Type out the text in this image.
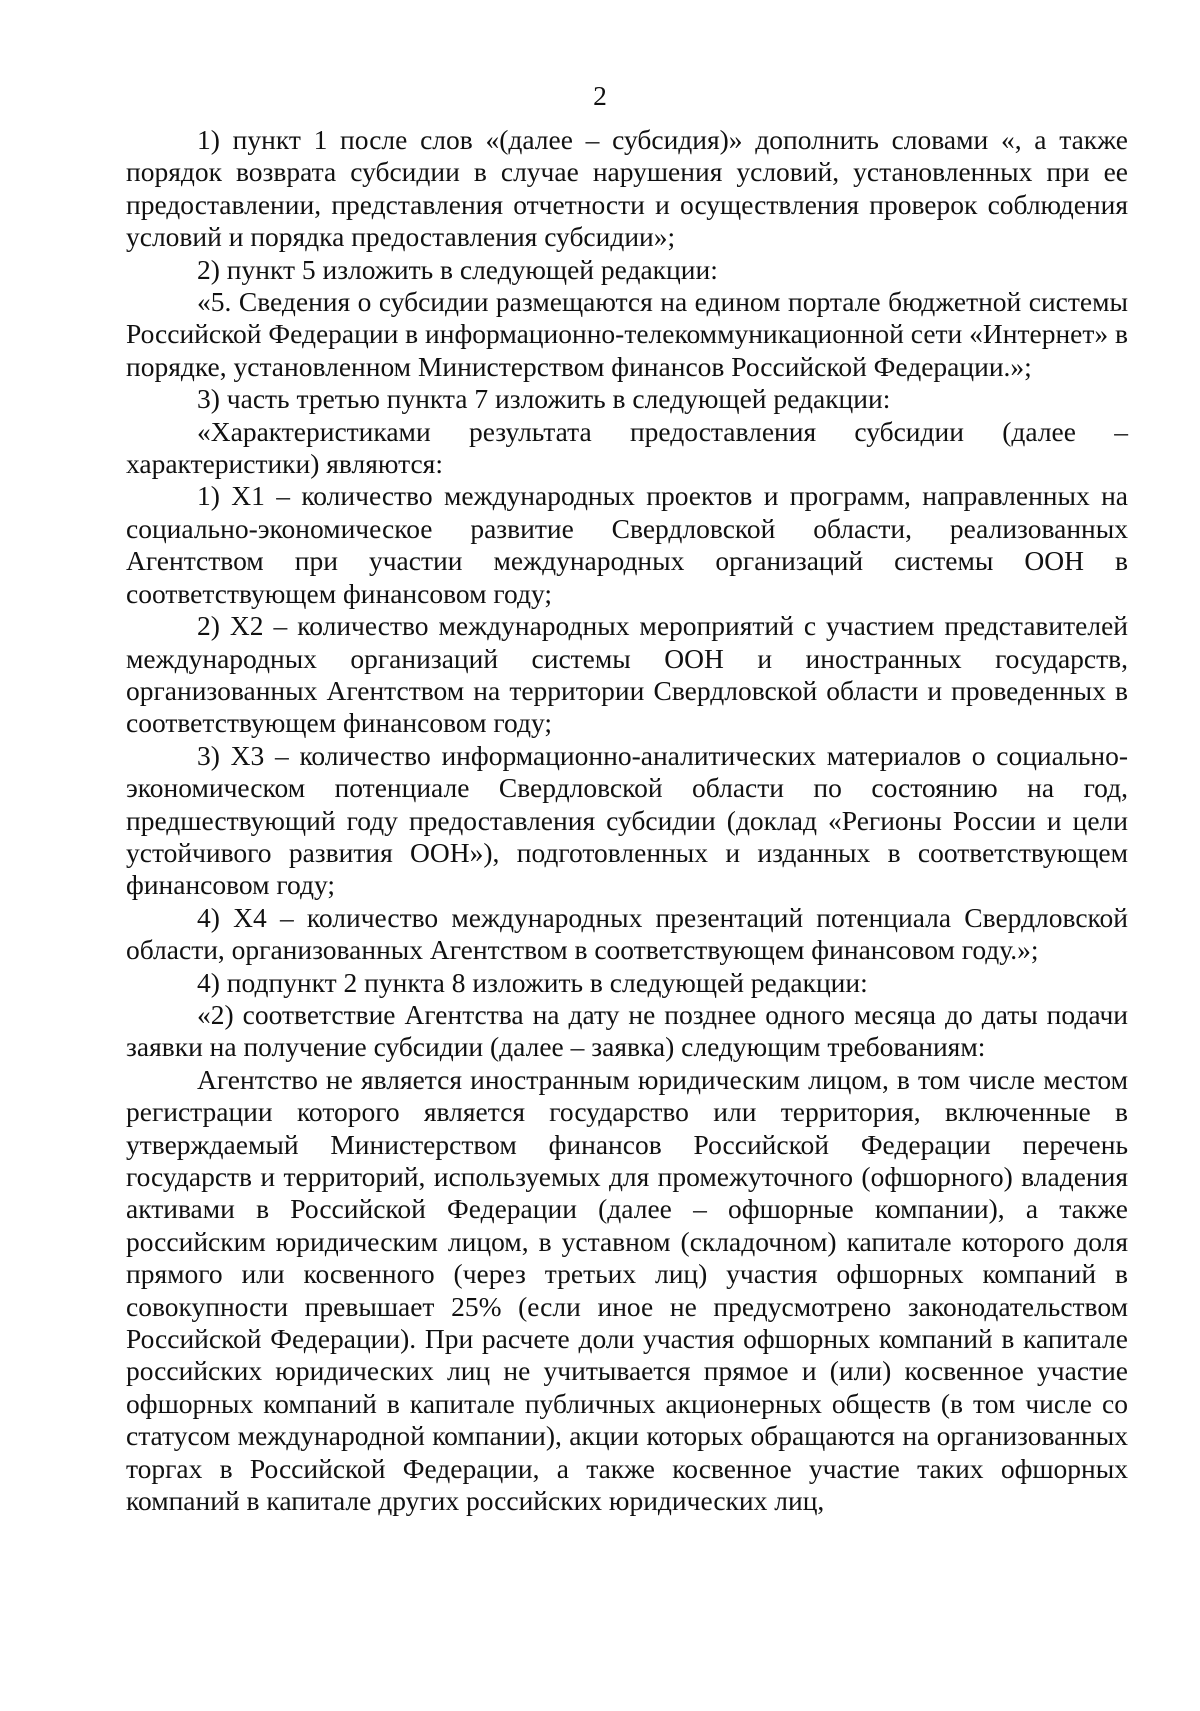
2

1) пункт 1 после слов «(далее – субсидия)» дополнить словами «, а также порядок возврата субсидии в случае нарушения условий, установленных при ее предоставлении, представления отчетности и осуществления проверок соблюдения условий и порядка предоставления субсидии»;

2) пункт 5 изложить в следующей редакции:

«5. Сведения о субсидии размещаются на едином портале бюджетной системы Российской Федерации в информационно-телекоммуникационной сети «Интернет» в порядке, установленном Министерством финансов Российской Федерации.»;

3) часть третью пункта 7 изложить в следующей редакции:

«Характеристиками результата предоставления субсидии (далее – характеристики) являются:

1) X1 – количество международных проектов и программ, направленных на социально-экономическое развитие Свердловской области, реализованных Агентством при участии международных организаций системы ООН в соответствующем финансовом году;

2) X2 – количество международных мероприятий с участием представителей международных организаций системы ООН и иностранных государств, организованных Агентством на территории Свердловской области и проведенных в соответствующем финансовом году;

3) X3 – количество информационно-аналитических материалов о социально-экономическом потенциале Свердловской области по состоянию на год, предшествующий году предоставления субсидии (доклад «Регионы России и цели устойчивого развития ООН»), подготовленных и изданных в соответствующем финансовом году;

4) X4 – количество международных презентаций потенциала Свердловской области, организованных Агентством в соответствующем финансовом году.»;

4) подпункт 2 пункта 8 изложить в следующей редакции:

«2) соответствие Агентства на дату не позднее одного месяца до даты подачи заявки на получение субсидии (далее – заявка) следующим требованиям:

Агентство не является иностранным юридическим лицом, в том числе местом регистрации которого является государство или территория, включенные в утверждаемый Министерством финансов Российской Федерации перечень государств и территорий, используемых для промежуточного (офшорного) владения активами в Российской Федерации (далее – офшорные компании), а также российским юридическим лицом, в уставном (складочном) капитале которого доля прямого или косвенного (через третьих лиц) участия офшорных компаний в совокупности превышает 25% (если иное не предусмотрено законодательством Российской Федерации). При расчете доли участия офшорных компаний в капитале российских юридических лиц не учитывается прямое и (или) косвенное участие офшорных компаний в капитале публичных акционерных обществ (в том числе со статусом международной компании), акции которых обращаются на организованных торгах в Российской Федерации, а также косвенное участие таких офшорных компаний в капитале других российских юридических лиц,
